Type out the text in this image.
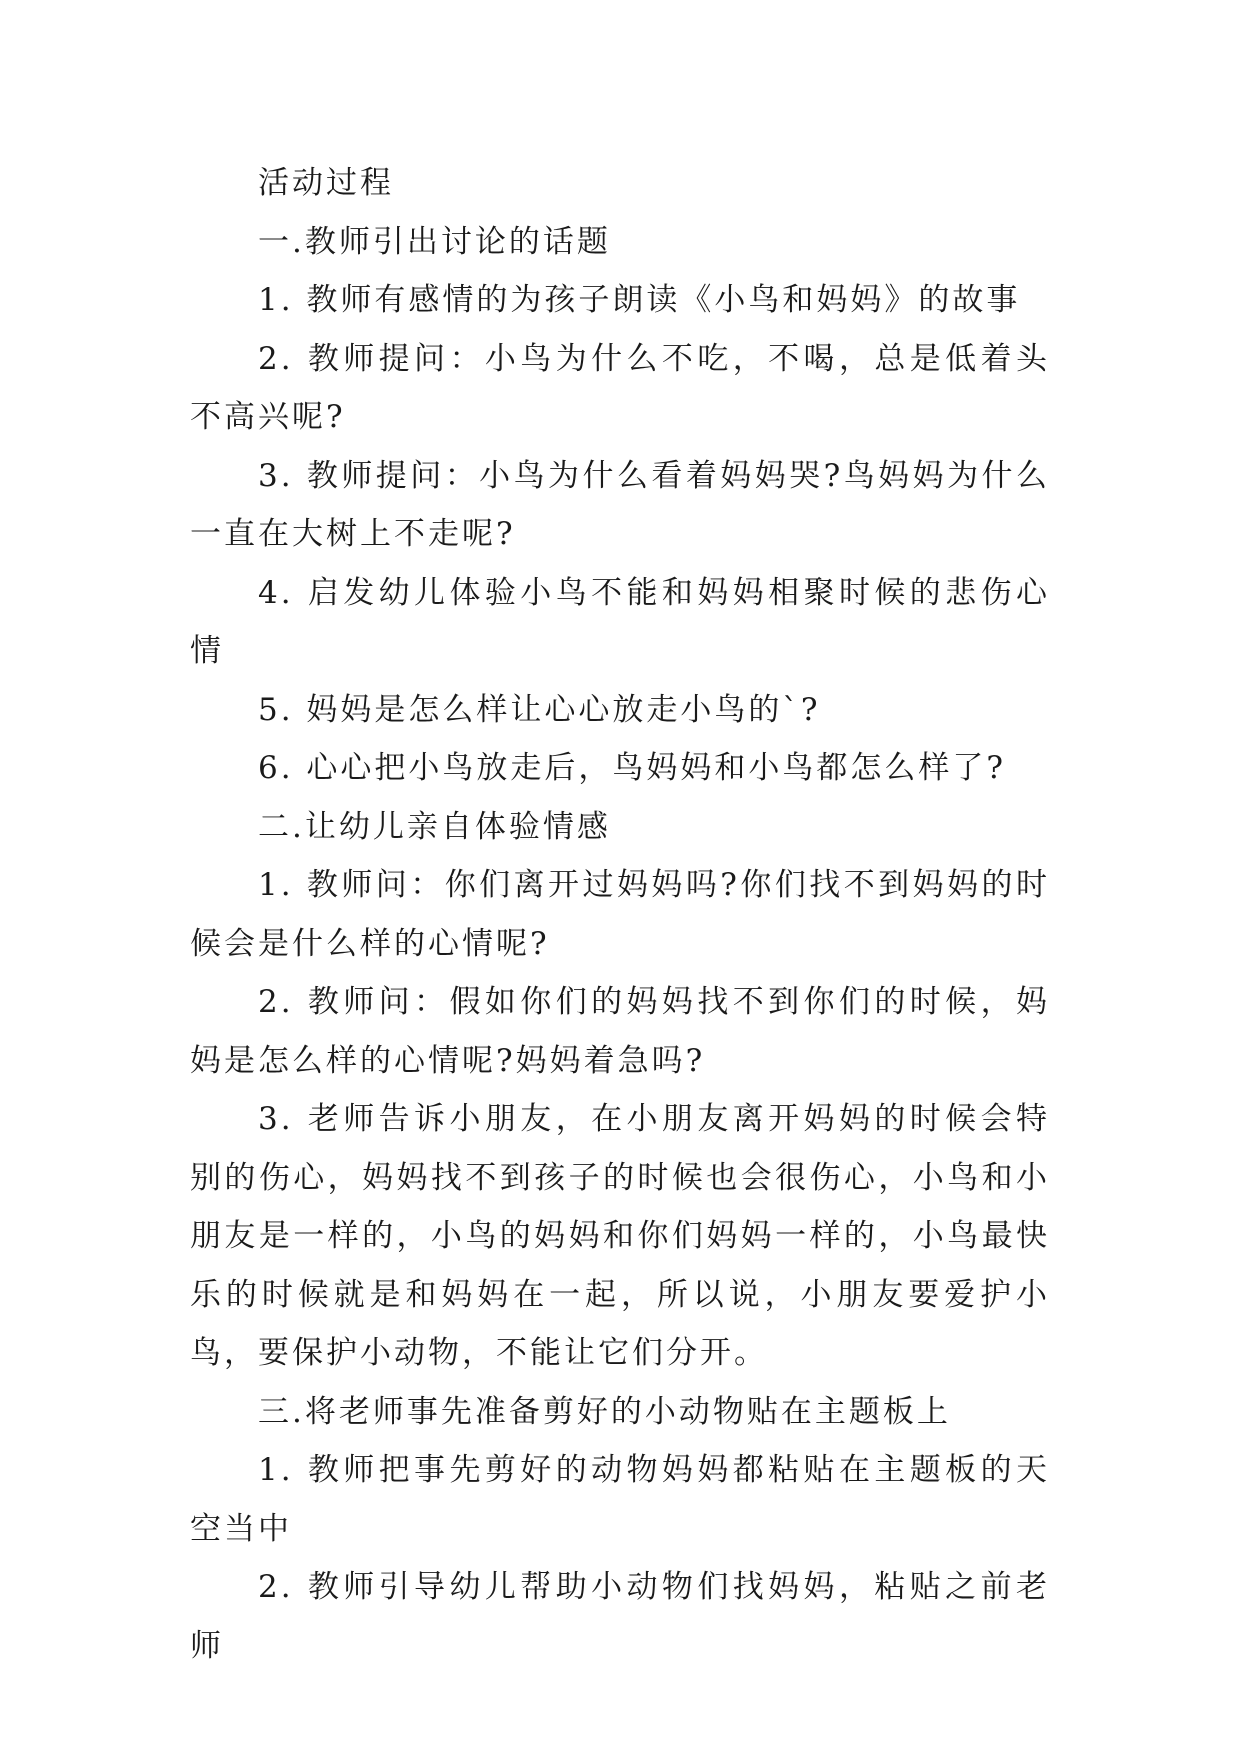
活动过程

一.教师引出讨论的话题

1. 教师有感情的为孩子朗读《小鸟和妈妈》的故事

2. 教师提问：小鸟为什么不吃，不喝，总是低着头不高兴呢?

3. 教师提问：小鸟为什么看着妈妈哭?鸟妈妈为什么一直在大树上不走呢?

4. 启发幼儿体验小鸟不能和妈妈相聚时候的悲伤心情

5. 妈妈是怎么样让心心放走小鸟的`?

6. 心心把小鸟放走后，鸟妈妈和小鸟都怎么样了?

二.让幼儿亲自体验情感

1. 教师问：你们离开过妈妈吗?你们找不到妈妈的时候会是什么样的心情呢?

2. 教师问：假如你们的妈妈找不到你们的时候，妈妈是怎么样的心情呢?妈妈着急吗?

3. 老师告诉小朋友，在小朋友离开妈妈的时候会特别的伤心，妈妈找不到孩子的时候也会很伤心，小鸟和小朋友是一样的，小鸟的妈妈和你们妈妈一样的，小鸟最快乐的时候就是和妈妈在一起，所以说，小朋友要爱护小鸟，要保护小动物，不能让它们分开。

三.将老师事先准备剪好的小动物贴在主题板上

1. 教师把事先剪好的动物妈妈都粘贴在主题板的天空当中

2. 教师引导幼儿帮助小动物们找妈妈，粘贴之前老师
